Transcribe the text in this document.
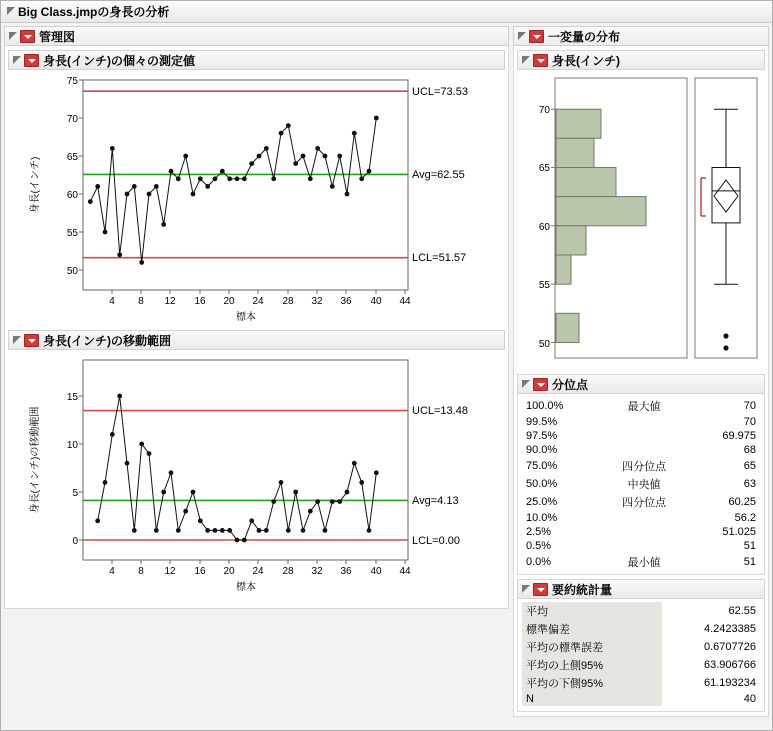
Big Class.jmpの身長の分析
管理図
身長(インチ)の個々の測定値
75
70
65
60
55
50
4 8 12 16 20 24 28 32 36 40 44
標本
身長(インチ)
UCL=73.53
Avg=62.55
LCL=51.57
身長(インチ)の移動範囲
15
10
5
0
4 8 12 16 20 24 28 32 36 40 44
標本
身長(インチ)の移動範囲	UCL=13.48
Avg=4.13
LCL=0.00
一変量の分布
身長(インチ)
70
65
60
55
50
分位点
100.0%	最大値	70
99.5%		70
97.5%		69.975
90.0%		68
75.0%	四分位点	65
50.0%	中央値	63
25.0%	四分位点	60.25
10.0%		56.2
2.5%		51.025
0.5%		51
0.0%	最小値	51
要約統計量
平均	62.55
標準偏差	4.2423385
平均の標準誤差	0.6707726
平均の上側95%	63.906766
平均の下側95%	61.193234
N	40
